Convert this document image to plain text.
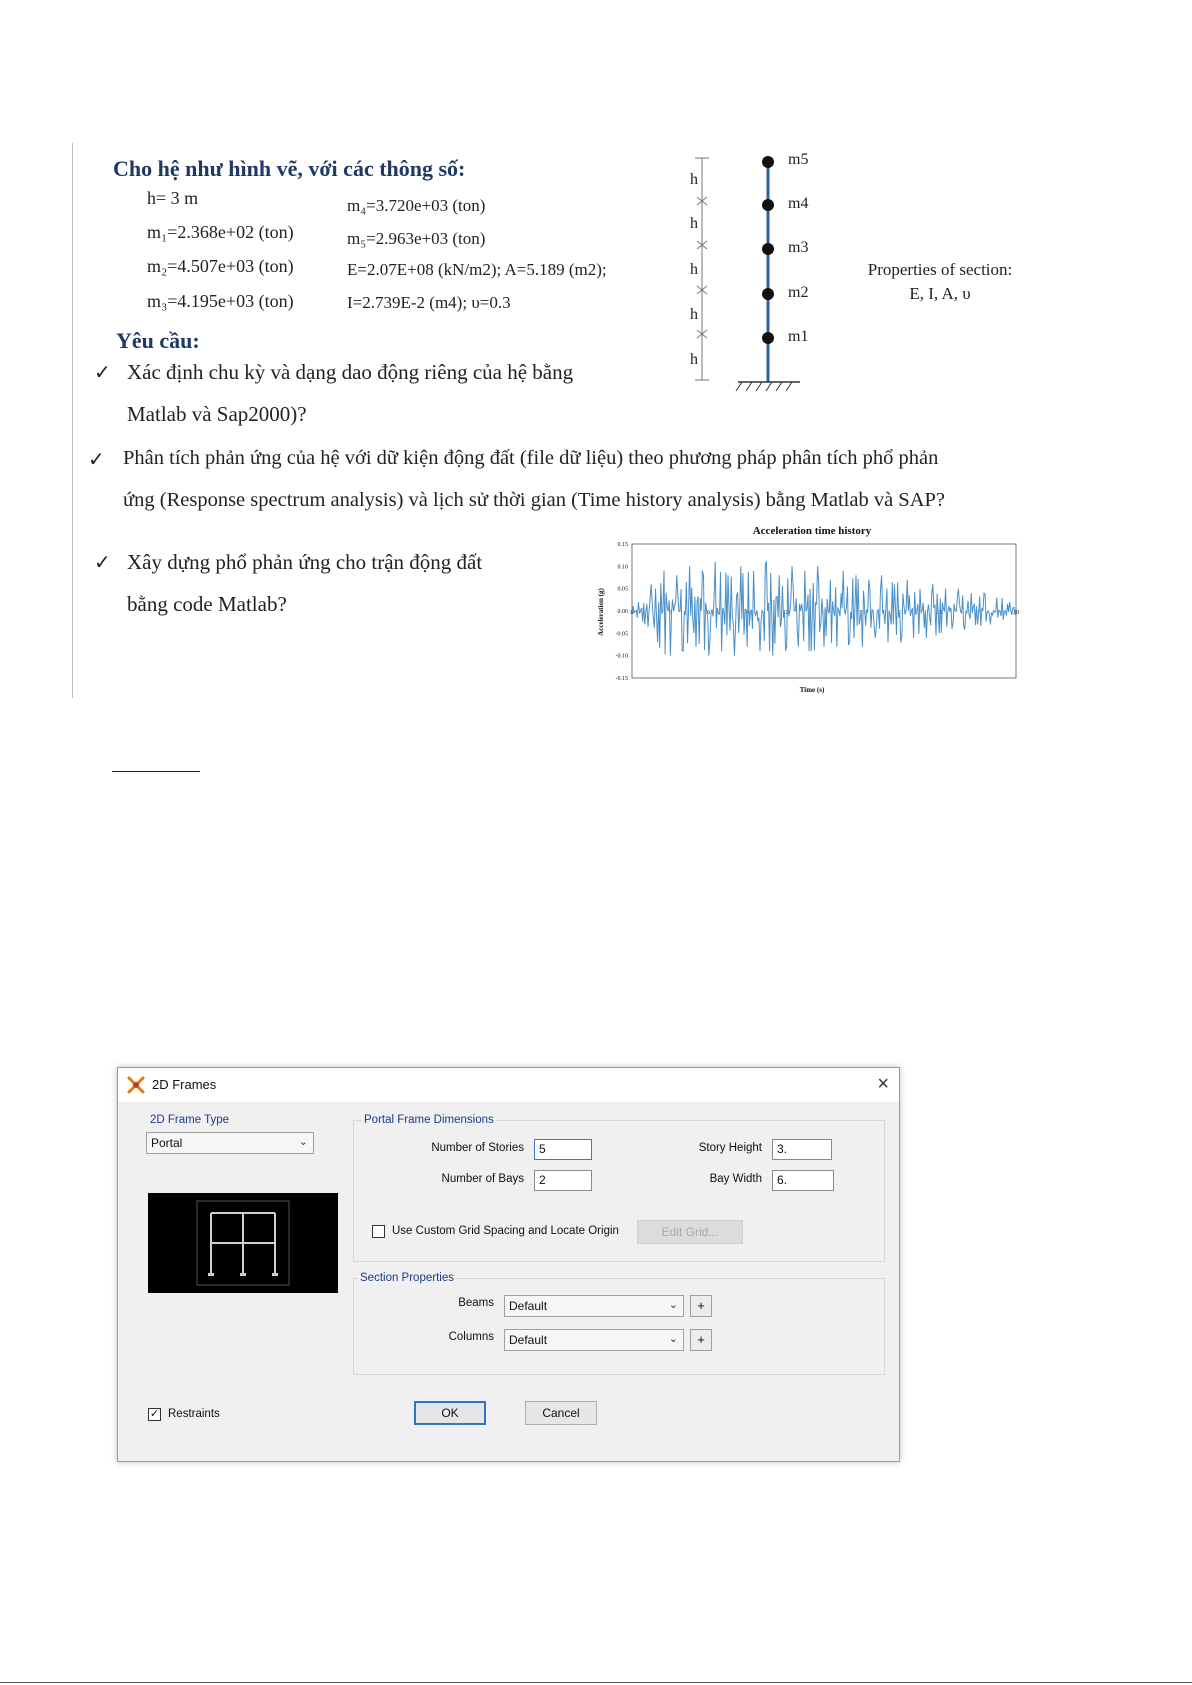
Cho hệ như hình vẽ, với các thông số:
h= 3 m
m₁=2.368e+02 (ton)
m₂=4.507e+03 (ton)
m₃=4.195e+03 (ton)
m₄=3.720e+03 (ton)
m₅=2.963e+03 (ton)
E=2.07E+08 (kN/m2); A=5.189 (m2);
I=2.739E-2 (m4); υ=0.3
Yêu cầu:
✓ Xác định chu kỳ và dạng dao động riêng của hệ bằng
Matlab và Sap2000)?
✓ Phân tích phản ứng của hệ với dữ kiện động đất (file dữ liệu) theo phương pháp phân tích phổ phản
ứng (Response spectrum analysis) và lịch sử thời gian (Time history analysis) bằng Matlab và SAP?
✓ Xây dựng phổ phản ứng cho trận động đất
bằng code Matlab?
h
h
h
h
h
m5
m4
m3
m2
m1
Properties of section:
E, I, A, υ
Acceleration time history
0.15
0.10
0.05
0.00
-0.05
-0.10
-0.15
0	3	6	9	12	15	18	21	24	27	30
Time (s)
Acceleration (g)
2D Frames	×
2D Frame Type
Portal	⌄
Portal Frame Dimensions
Number of Stories	5
Number of Bays	2
Story Height	3.
Bay Width	6.
Use Custom Grid Spacing and Locate Origin	Edit Grid...
Section Properties
Beams	Default	⌄	+
Columns	Default	⌄	+
✓ Restraints	OK	Cancel
